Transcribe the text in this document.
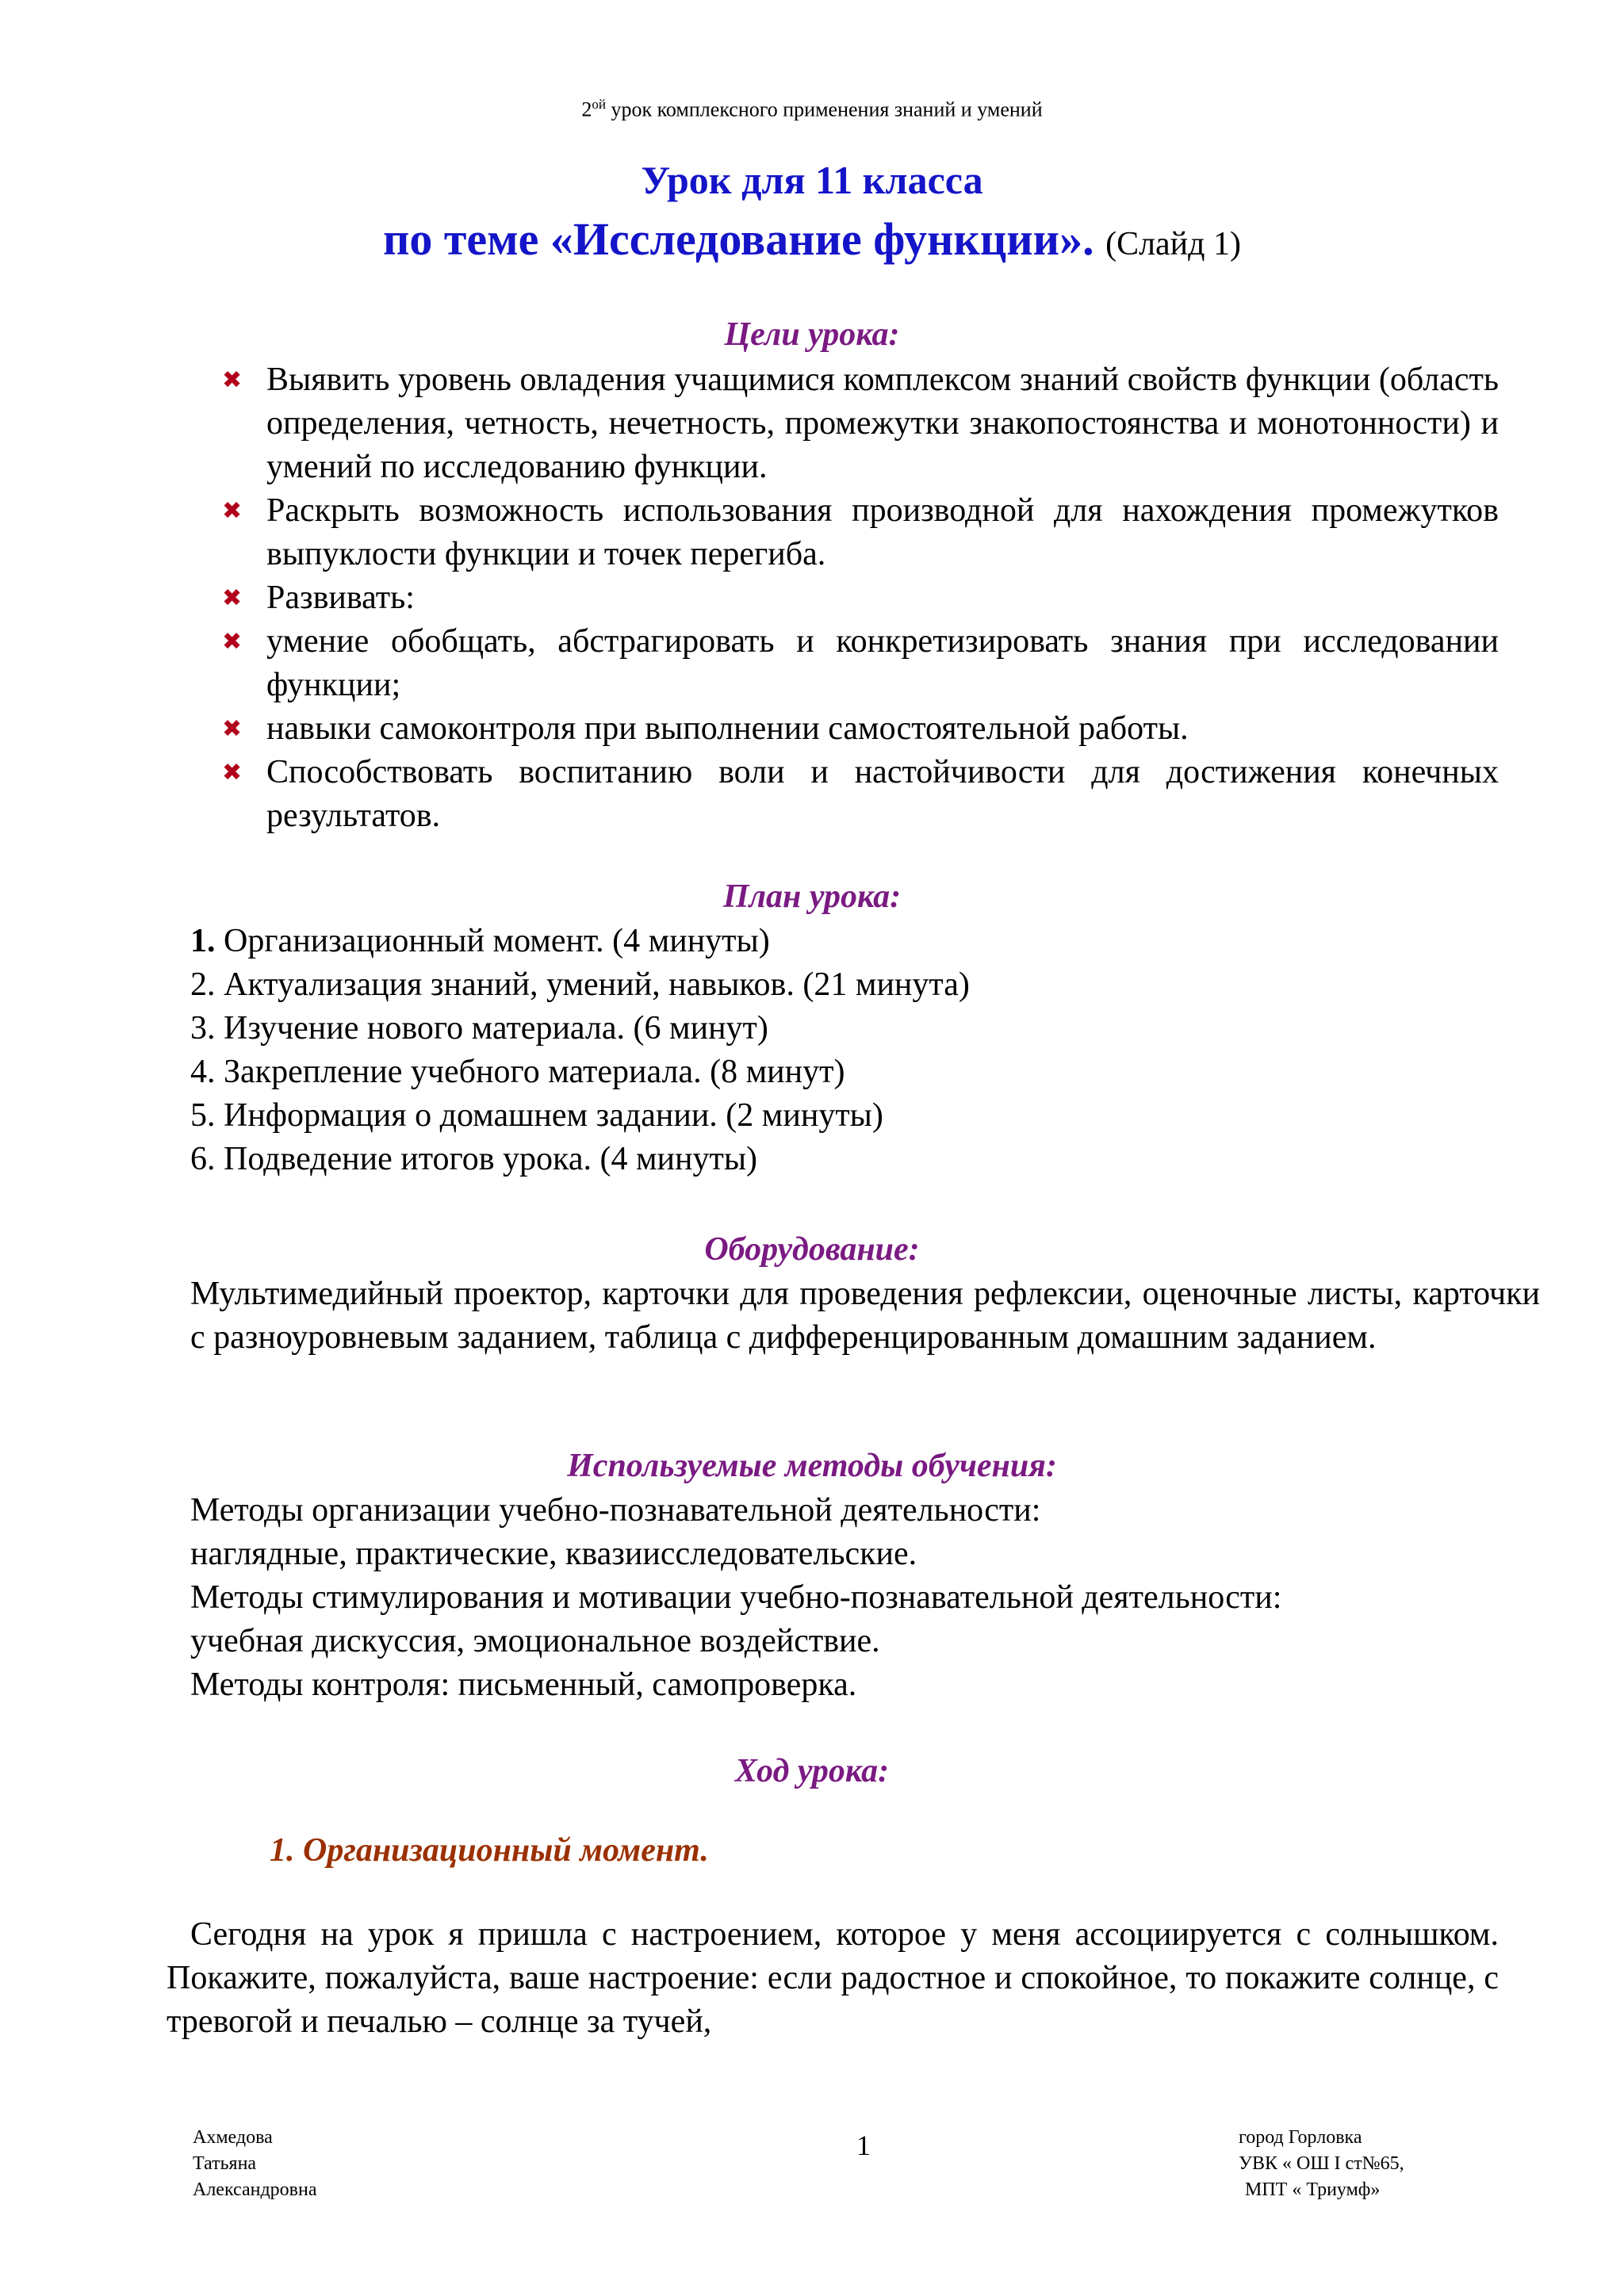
$2^{ой}$ урок комплексного применения знаний и умений
Урок для 11 класса
по теме «Исследование функции». (Слайд 1)
Цели урока:
✖ Выявить уровень овладения учащимися комплексом знаний свойств функции (область определения, четность, нечетность, промежутки знакопостоянства и монотонности) и умений по исследованию функции.
✖ Раскрыть возможность использования производной для нахождения промежутков выпуклости функции и точек перегиба.
✖ Развивать:
✖ умение обобщать, абстрагировать и конкретизировать знания при исследовании функции;
✖ навыки самоконтроля при выполнении самостоятельной работы.
✖ Способствовать воспитанию воли и настойчивости для достижения конечных результатов.
План урока:
1. Организационный момент. (4 минуты)
2. Актуализация знаний, умений, навыков. (21 минута)
3. Изучение нового материала. (6 минут)
4. Закрепление учебного материала. (8 минут)
5. Информация о домашнем задании. (2 минуты)
6. Подведение итогов урока. (4 минуты)
Оборудование:
Мультимедийный проектор, карточки для проведения рефлексии, оценочные листы, карточки с разноуровневым заданием, таблица с дифференцированным домашним заданием.
Используемые методы обучения:
Методы организации учебно-познавательной деятельности:
наглядные, практические, квазиисследовательские.
Методы стимулирования и мотивации учебно-познавательной деятельности:
учебная дискуссия, эмоциональное воздействие.
Методы контроля: письменный, самопроверка.
Ход урока:
1. Организационный момент.
Сегодня на урок я пришла с настроением, которое у меня ассоциируется с солнышком. Покажите, пожалуйста, ваше настроение: если радостное и спокойное, то покажите солнце, с тревогой и печалью – солнце за тучей,
Ахмедова
Татьяна
Александровна
1	город Горловка
УВК « ОШ I ст№65,
МПТ « Триумф»
